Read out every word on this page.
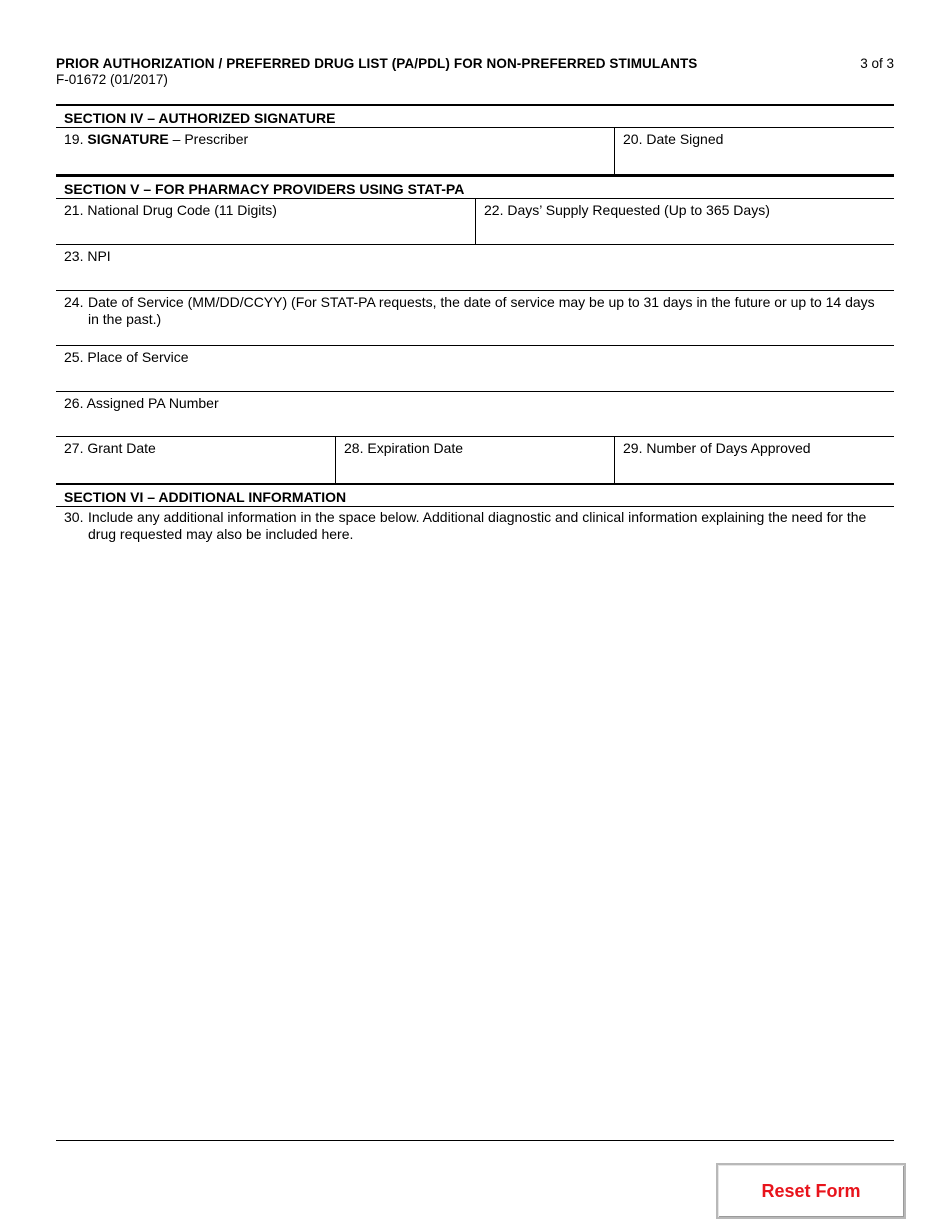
PRIOR AUTHORIZATION / PREFERRED DRUG LIST (PA/PDL) FOR NON-PREFERRED STIMULANTS
F-01672 (01/2017)
3 of 3
SECTION IV – AUTHORIZED SIGNATURE
19. SIGNATURE – Prescriber	20. Date Signed
SECTION V – FOR PHARMACY PROVIDERS USING STAT-PA
21. National Drug Code (11 Digits)	22. Days’ Supply Requested (Up to 365 Days)
23. NPI
24. Date of Service (MM/DD/CCYY) (For STAT-PA requests, the date of service may be up to 31 days in the future or up to 14 days in the past.)
25. Place of Service
26. Assigned PA Number
27. Grant Date	28. Expiration Date	29. Number of Days Approved
SECTION VI – ADDITIONAL INFORMATION
30. Include any additional information in the space below. Additional diagnostic and clinical information explaining the need for the drug requested may also be included here.
Reset Form
